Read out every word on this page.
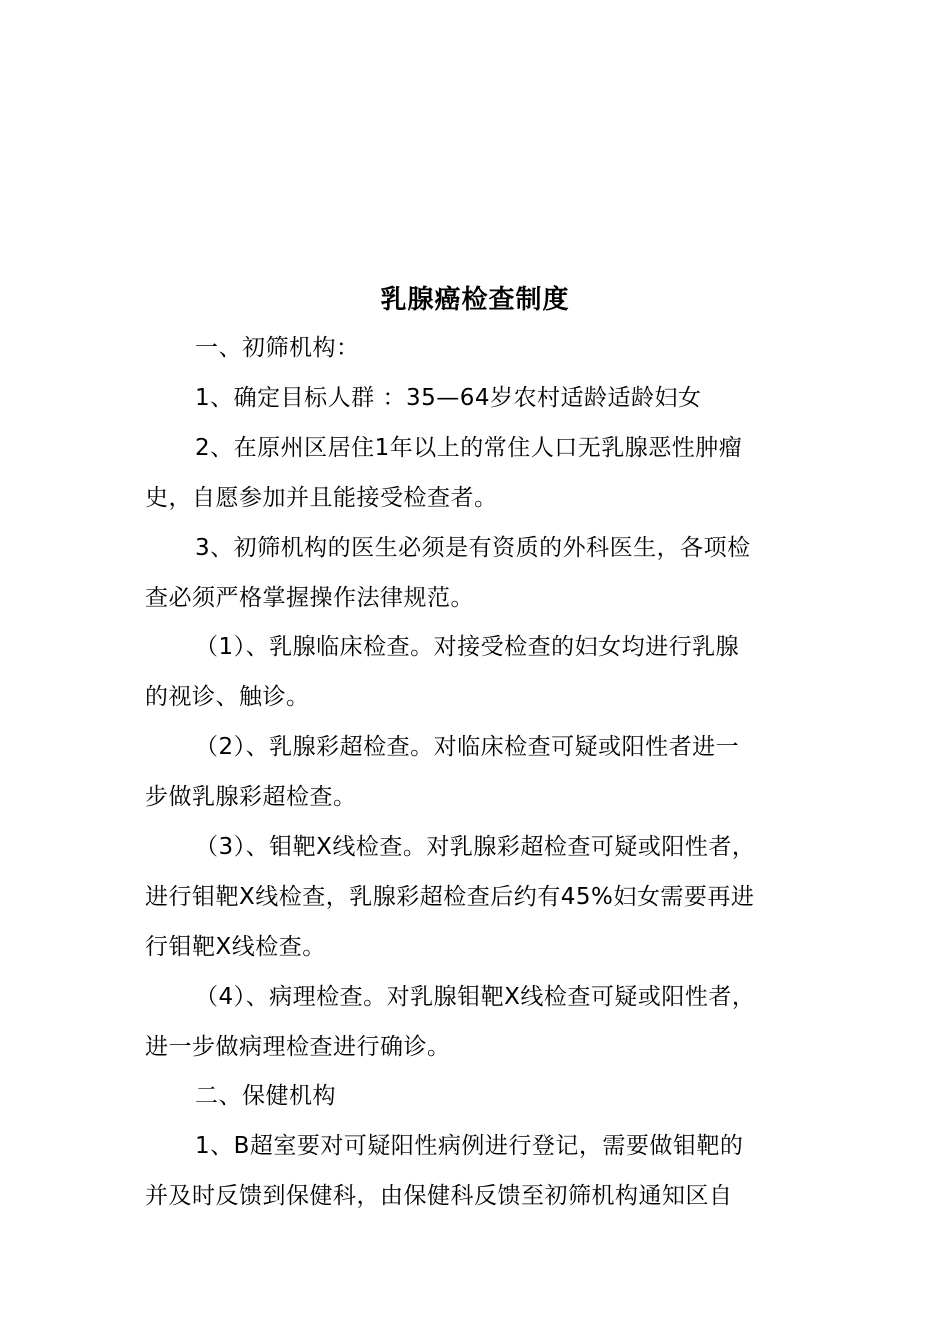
乳腺癌检查制度
一、初筛机构：
1、确定目标人群 ：35—64岁农村适龄适龄妇女
2、在原州区居住1年以上的常住人口无乳腺恶性肿瘤
史，自愿参加并且能接受检查者。
3、初筛机构的医生必须是有资质的外科医生，各项检
查必须严格掌握操作法律规范。
（1）、乳腺临床检查。对接受检查的妇女均进行乳腺
的视诊、触诊。
（2）、乳腺彩超检查。对临床检查可疑或阳性者进一
步做乳腺彩超检查。
（3）、钼靶X线检查。对乳腺彩超检查可疑或阳性者，
进行钼靶X线检查，乳腺彩超检查后约有45%妇女需要再进
行钼靶X线检查。
（4）、病理检查。对乳腺钼靶X线检查可疑或阳性者，
进一步做病理检查进行确诊。
二、保健机构
1、B超室要对可疑阳性病例进行登记，需要做钼靶的
并及时反馈到保健科，由保健科反馈至初筛机构通知区自
